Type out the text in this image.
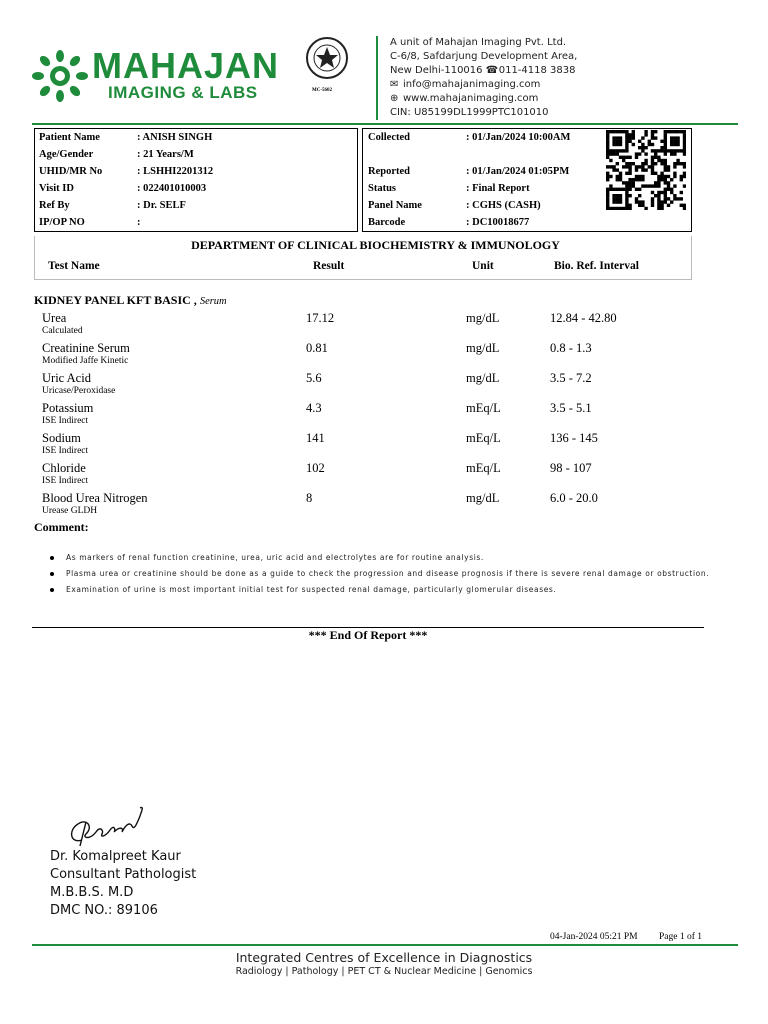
MAHAJAN
IMAGING & LABS	MC-5602
A unit of Mahajan Imaging Pvt. Ltd.
C-6/8, Safdarjung Development Area,
New Delhi-110016 ☎011-4118 3838
✉ info@mahajanimaging.com
⊕ www.mahajanimaging.com
CIN: U85199DL1999PTC101010
Patient Name	: ANISH SINGH
Age/Gender	: 21 Years/M
UHID/MR No	: LSHHI2201312
Visit ID	: 022401010003
Ref By	: Dr. SELF
IP/OP NO	:
Collected	: 01/Jan/2024 10:00AM

Reported	: 01/Jan/2024 01:05PM
Status	: Final Report
Panel Name	: CGHS (CASH)
Barcode	: DC10018677
DEPARTMENT OF CLINICAL BIOCHEMISTRY & IMMUNOLOGY
Test Name	Result	Unit	Bio. Ref. Interval
KIDNEY PANEL KFT BASIC , Serum
Urea
Calculated
17.12	mg/dL	12.84 - 42.80
Creatinine Serum
Modified Jaffe Kinetic
0.81	mg/dL	0.8 - 1.3
Uric Acid
Uricase/Peroxidase
5.6	mg/dL	3.5 - 7.2
Potassium
ISE Indirect
4.3	mEq/L	3.5 - 5.1
Sodium
ISE Indirect
141	mEq/L	136 - 145
Chloride
ISE Indirect
102	mEq/L	98 - 107
Blood Urea Nitrogen
Urease GLDH
8	mg/dL	6.0 - 20.0
Comment:
As markers of renal function creatinine, urea, uric acid and electrolytes are for routine analysis.
Plasma urea or creatinine should be done as a guide to check the progression and disease prognosis if there is severe renal damage or obstruction.
Examination of urine is most important initial test for suspected renal damage, particularly glomerular diseases.
*** End Of Report ***
Dr. Komalpreet Kaur
Consultant Pathologist
M.B.B.S. M.D
DMC NO.: 89106
04-Jan-2024 05:21 PM Page 1 of 1
Integrated Centres of Excellence in Diagnostics
Radiology | Pathology | PET CT & Nuclear Medicine | Genomics
